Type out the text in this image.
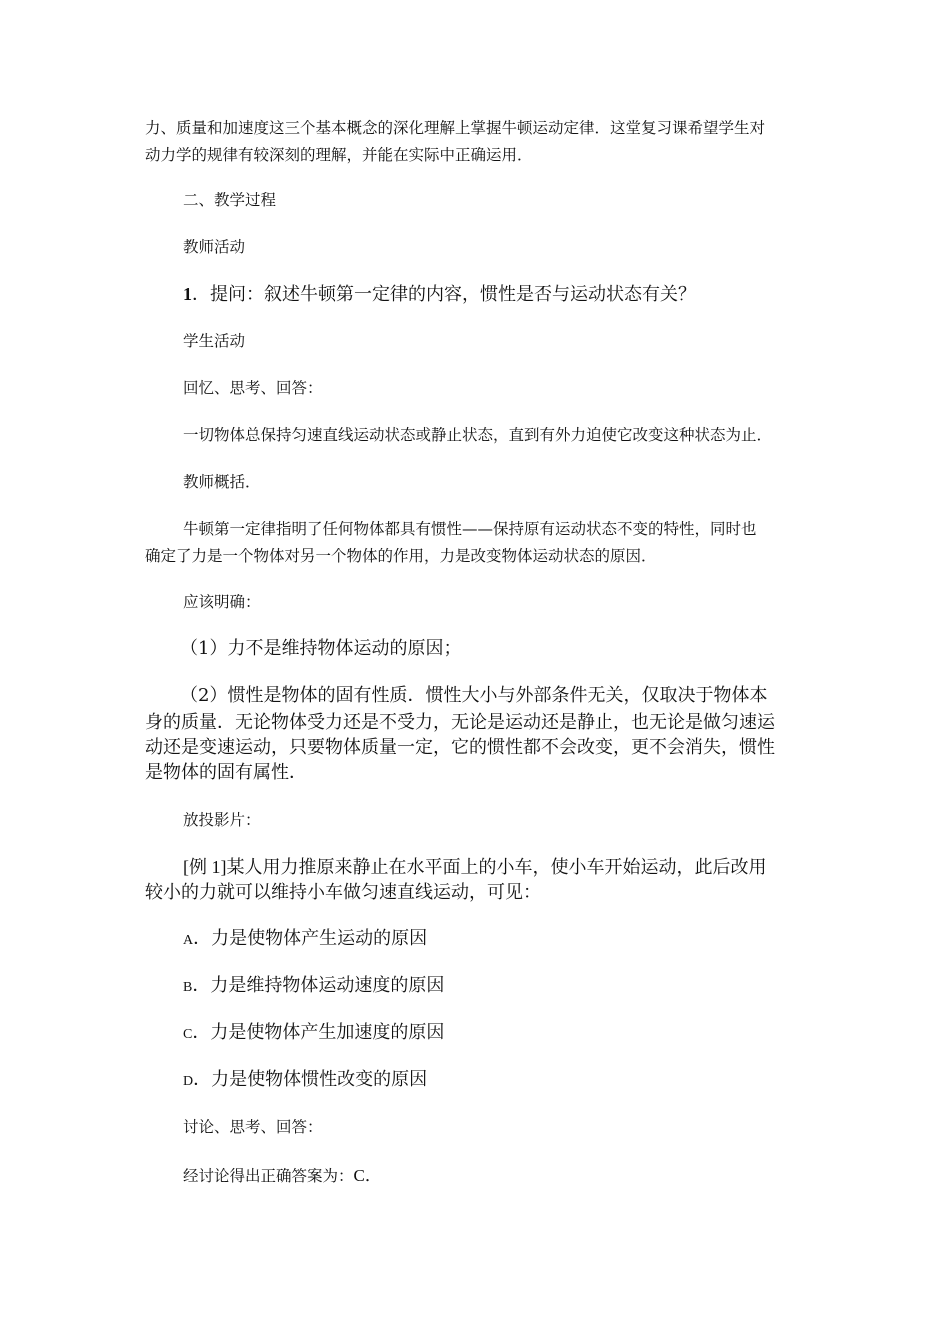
力、质量和加速度这三个基本概念的深化理解上掌握牛顿运动定律．这堂复习课希望学生对
动力学的规律有较深刻的理解，并能在实际中正确运用．
二、教学过程
教师活动
1．提问：叙述牛顿第一定律的内容，惯性是否与运动状态有关？
学生活动
回忆、思考、回答：
一切物体总保持匀速直线运动状态或静止状态，直到有外力迫使它改变这种状态为止．
教师概括．
牛顿第一定律指明了任何物体都具有惯性——保持原有运动状态不变的特性，同时也
确定了力是一个物体对另一个物体的作用，力是改变物体运动状态的原因．
应该明确：
（1）力不是维持物体运动的原因；
（2）惯性是物体的固有性质．惯性大小与外部条件无关，仅取决于物体本
身的质量．无论物体受力还是不受力，无论是运动还是静止，也无论是做匀速运
动还是变速运动，只要物体质量一定，它的惯性都不会改变，更不会消失，惯性
是物体的固有属性．
放投影片：
[例 1]某人用力推原来静止在水平面上的小车，使小车开始运动，此后改用
较小的力就可以维持小车做匀速直线运动，可见：
A．力是使物体产生运动的原因
B．力是维持物体运动速度的原因
C．力是使物体产生加速度的原因
D．力是使物体惯性改变的原因
讨论、思考、回答：
经讨论得出正确答案为：C．
